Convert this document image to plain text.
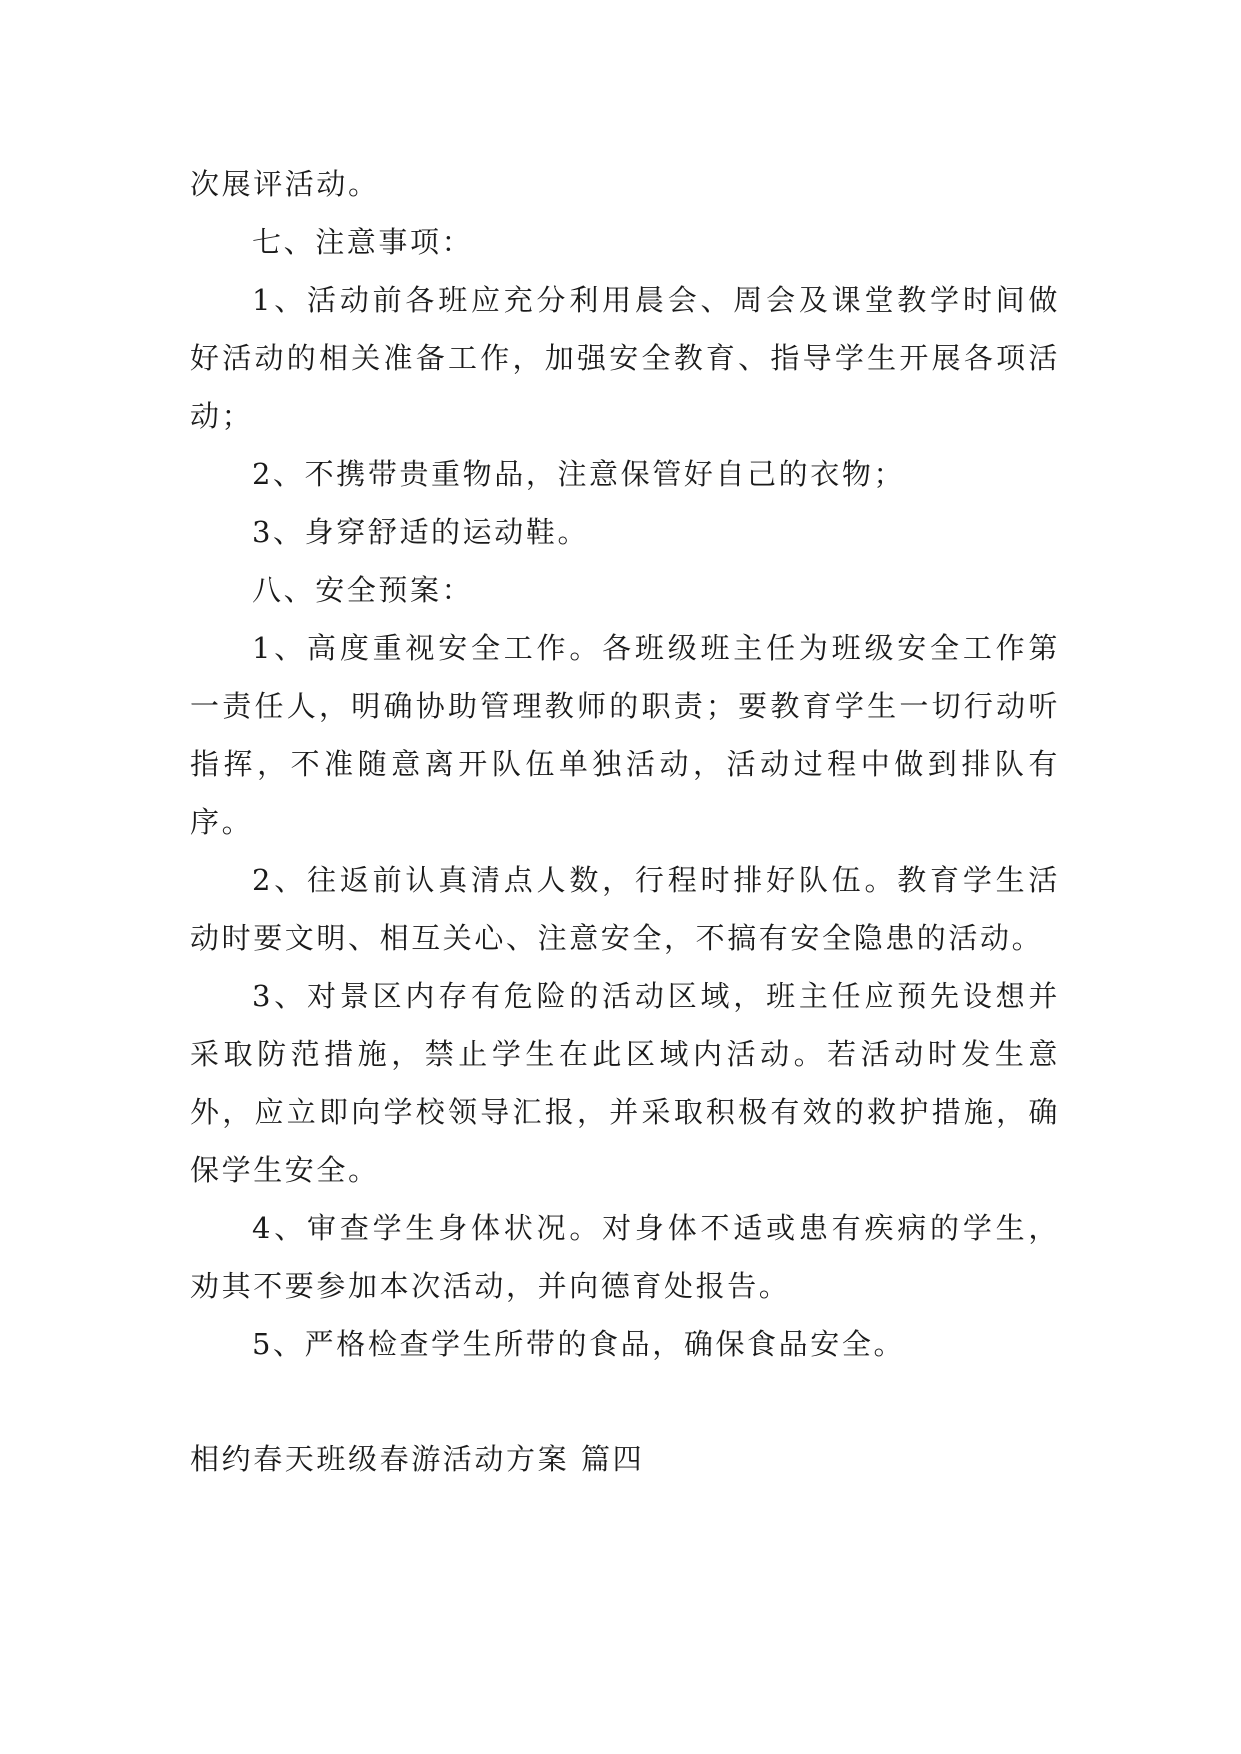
次展评活动。

七、注意事项：

1、活动前各班应充分利用晨会、周会及课堂教学时间做好活动的相关准备工作，加强安全教育、指导学生开展各项活动；

2、不携带贵重物品，注意保管好自己的衣物；

3、身穿舒适的运动鞋。

八、安全预案：

1、高度重视安全工作。各班级班主任为班级安全工作第一责任人，明确协助管理教师的职责；要教育学生一切行动听指挥，不准随意离开队伍单独活动，活动过程中做到排队有序。

2、往返前认真清点人数，行程时排好队伍。教育学生活动时要文明、相互关心、注意安全，不搞有安全隐患的活动。

3、对景区内存有危险的活动区域，班主任应预先设想并采取防范措施，禁止学生在此区域内活动。若活动时发生意外，应立即向学校领导汇报，并采取积极有效的救护措施，确保学生安全。

4、审查学生身体状况。对身体不适或患有疾病的学生，劝其不要参加本次活动，并向德育处报告。

5、严格检查学生所带的食品，确保食品安全。

相约春天班级春游活动方案 篇四
